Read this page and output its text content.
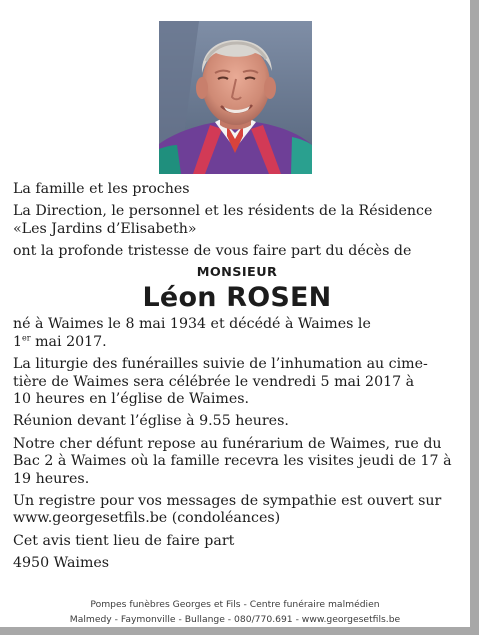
La famille et les proches

La Direction, le personnel et les résidents de la Résidence «Les Jardins d’Elisabeth»

ont la profonde tristesse de vous faire part du décès de

MONSIEUR
Léon ROSEN

né à Waimes le 8 mai 1934 et décédé à Waimes le
1er mai 2017.

La liturgie des funérailles suivie de l’inhumation au cime-
tière de Waimes sera célébrée le vendredi 5 mai 2017 à
10 heures en l’église de Waimes.

Réunion devant l’église à 9.55 heures.

Notre cher défunt repose au funérarium de Waimes, rue du Bac 2 à Waimes où la famille recevra les visites jeudi de 17 à 19 heures.

Un registre pour vos messages de sympathie est ouvert sur www.georgesetfils.be (condoléances)

Cet avis tient lieu de faire part

4950 Waimes

Pompes funèbres Georges et Fils - Centre funéraire malmédien
Malmedy - Faymonville - Bullange - 080/770.691 - www.georgesetfils.be
